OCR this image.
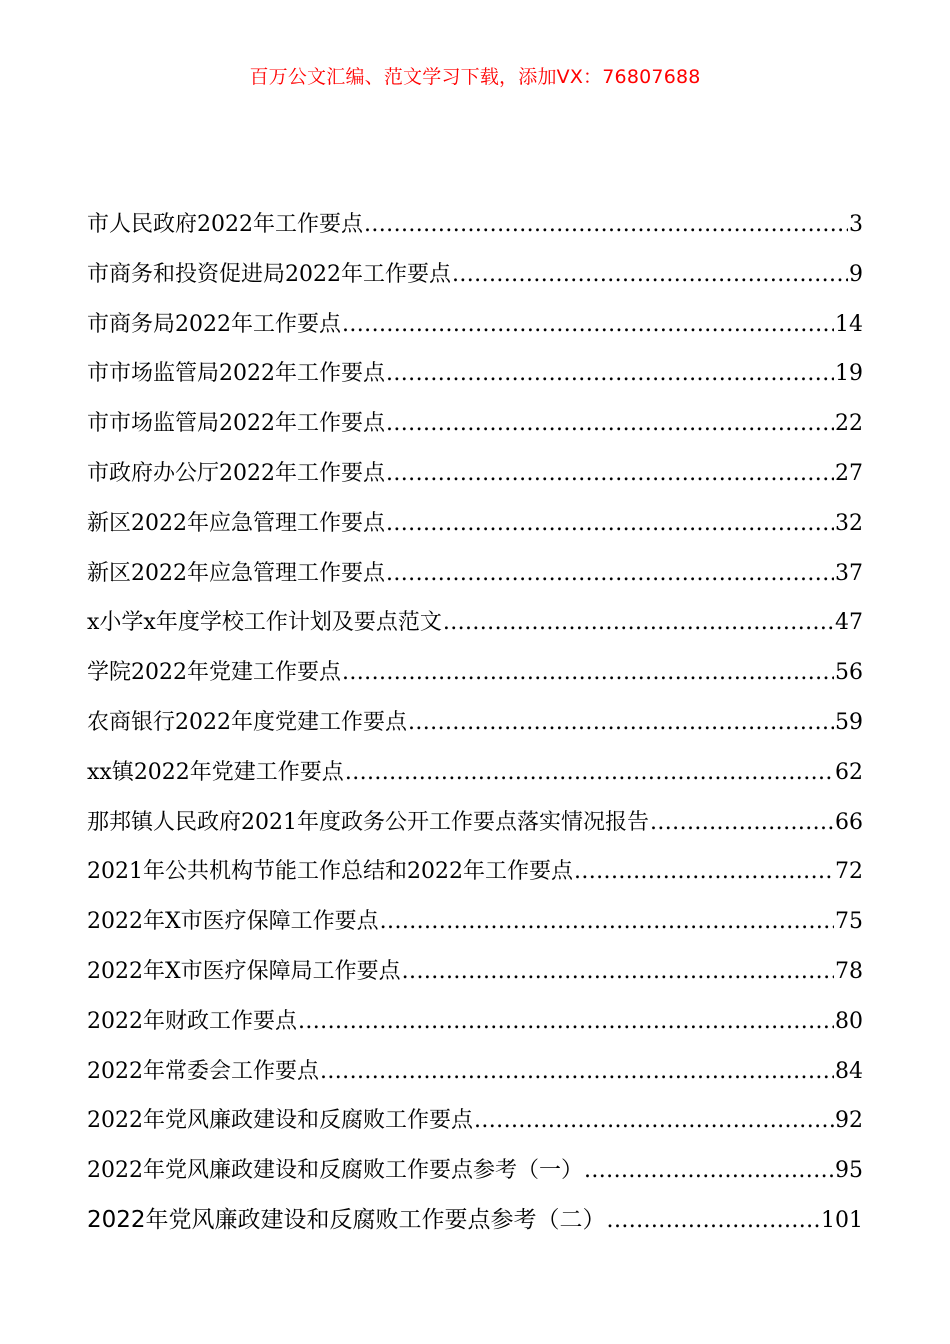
百万公文汇编、范文学习下载，添加VX：76807688
市人民政府2022年工作要点 .....	3
市商务和投资促进局2022年工作要点 .....	9
市商务局2022年工作要点 .....	14
市市场监管局2022年工作要点 .....	19
市市场监管局2022年工作要点 .....	22
市政府办公厅2022年工作要点 .....	27
新区2022年应急管理工作要点 .....	32
新区2022年应急管理工作要点 .....	37
x小学x年度学校工作计划及要点范文 .....	47
学院2022年党建工作要点 .....	56
农商银行2022年度党建工作要点 .....	59
xx镇2022年党建工作要点 .....	62
那邦镇人民政府2021年度政务公开工作要点落实情况报告 .....	66
2021年公共机构节能工作总结和2022年工作要点 .....	72
2022年X市医疗保障工作要点 .....	75
2022年X市医疗保障局工作要点 .....	78
2022年财政工作要点 .....	80
2022年常委会工作要点 .....	84
2022年党风廉政建设和反腐败工作要点 .....	92
2022年党风廉政建设和反腐败工作要点参考（一） .....	95
2022年党风廉政建设和反腐败工作要点参考（二） .....	101
